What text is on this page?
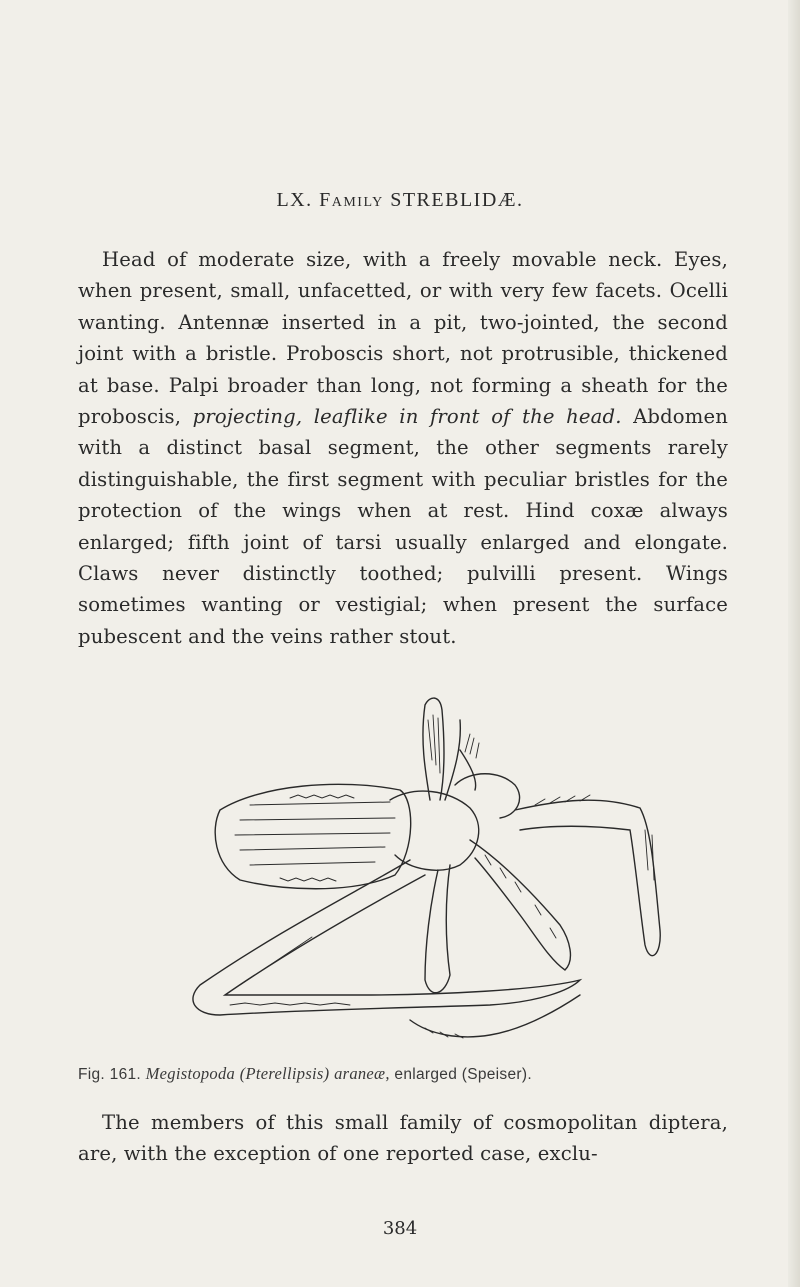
LX. Family STREBLIDÆ.
Head of moderate size, with a freely movable neck. Eyes, when present, small, unfacetted, or with very few facets. Ocelli wanting. Antennæ inserted in a pit, two-jointed, the second joint with a bristle. Proboscis short, not protrusible, thickened at base. Palpi broader than long, not forming a sheath for the proboscis, projecting, leaflike in front of the head. Abdomen with a distinct basal segment, the other segments rarely distinguishable, the first segment with peculiar bristles for the protection of the wings when at rest. Hind coxæ always enlarged; fifth joint of tarsi usually enlarged and elongate. Claws never distinctly toothed; pulvilli present. Wings sometimes wanting or vestigial; when present the surface pubescent and the veins rather stout.
Fig. 161. Megistopoda (Pterellipsis) araneæ, enlarged (Speiser).
The members of this small family of cosmopolitan diptera, are, with the exception of one reported case, exclu-
384
